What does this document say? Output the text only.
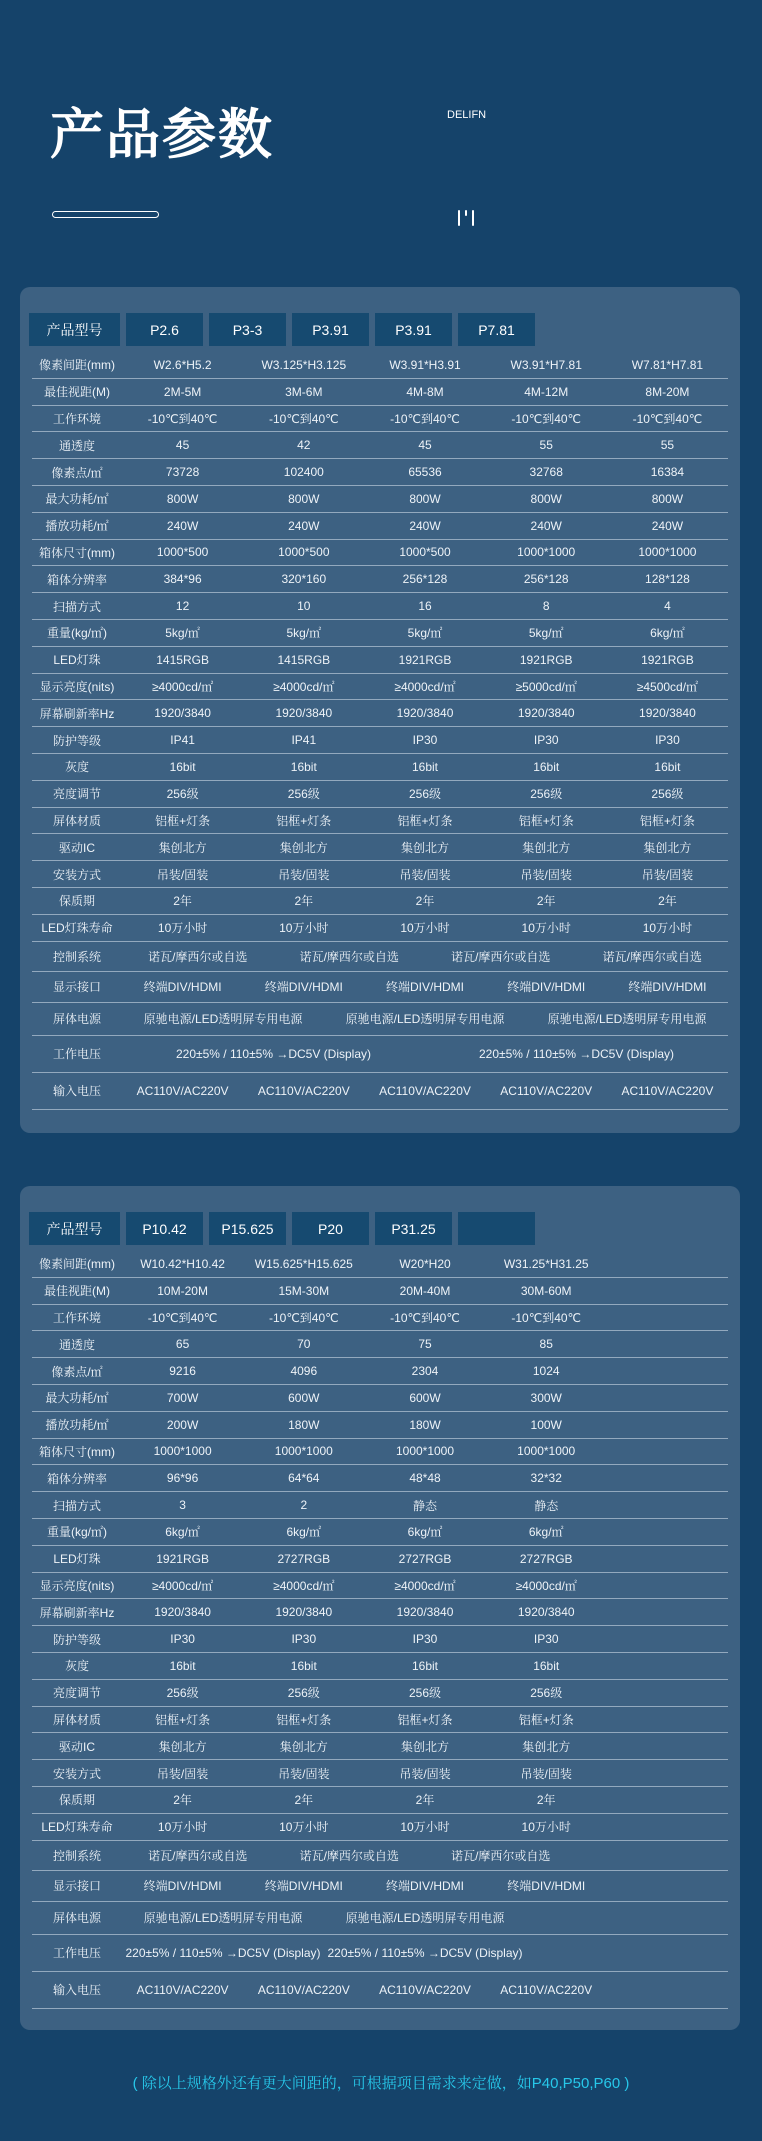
产品参数	DELIFN
产品型号	P2.6	P3-3	P3.91	P3.91	P7.81
像素间距(mm)	W2.6*H5.2	W3.125*H3.125	W3.91*H3.91	W3.91*H7.81	W7.81*H7.81
最佳视距(M)	2M-5M	3M-6M	4M-8M	4M-12M	8M-20M
工作环境	-10℃到40℃	-10℃到40℃	-10℃到40℃	-10℃到40℃	-10℃到40℃
通透度	45	42	45	55	55
像素点/㎡	73728	102400	65536	32768	16384
最大功耗/㎡	800W	800W	800W	800W	800W
播放功耗/㎡	240W	240W	240W	240W	240W
箱体尺寸(mm)	1000*500	1000*500	1000*500	1000*1000	1000*1000
箱体分辨率	384*96	320*160	256*128	256*128	128*128
扫描方式	12	10	16	8	4
重量(kg/㎡)	5kg/㎡	5kg/㎡	5kg/㎡	5kg/㎡	6kg/㎡
LED灯珠	1415RGB	1415RGB	1921RGB	1921RGB	1921RGB
显示亮度(nits)	≥4000cd/㎡	≥4000cd/㎡	≥4000cd/㎡	≥5000cd/㎡	≥4500cd/㎡
屏幕刷新率Hz	1920/3840	1920/3840	1920/3840	1920/3840	1920/3840
防护等级	IP41	IP41	IP30	IP30	IP30
灰度	16bit	16bit	16bit	16bit	16bit
亮度调节	256级	256级	256级	256级	256级
屏体材质	铝框+灯条	铝框+灯条	铝框+灯条	铝框+灯条	铝框+灯条
驱动IC	集创北方	集创北方	集创北方	集创北方	集创北方
安装方式	吊装/固装	吊装/固装	吊装/固装	吊装/固装	吊装/固装
保质期	2年	2年	2年	2年	2年
LED灯珠寿命	10万小时	10万小时	10万小时	10万小时	10万小时
控制系统	诺瓦/摩西尔或自选	诺瓦/摩西尔或自选	诺瓦/摩西尔或自选	诺瓦/摩西尔或自选
显示接口	终端DIV/HDMI	终端DIV/HDMI	终端DIV/HDMI	终端DIV/HDMI	终端DIV/HDMI
屏体电源	原驰电源/LED透明屏专用电源	原驰电源/LED透明屏专用电源	原驰电源/LED透明屏专用电源
工作电压	220±5% / 110±5% →DC5V (Display)	220±5% / 110±5% →DC5V (Display)
输入电压	AC110V/AC220V	AC110V/AC220V	AC110V/AC220V	AC110V/AC220V	AC110V/AC220V
产品型号	P10.42	P15.625	P20	P31.25
像素间距(mm)	W10.42*H10.42	W15.625*H15.625	W20*H20	W31.25*H31.25
最佳视距(M)	10M-20M	15M-30M	20M-40M	30M-60M
工作环境	-10℃到40℃	-10℃到40℃	-10℃到40℃	-10℃到40℃
通透度	65	70	75	85
像素点/㎡	9216	4096	2304	1024
最大功耗/㎡	700W	600W	600W	300W
播放功耗/㎡	200W	180W	180W	100W
箱体尺寸(mm)	1000*1000	1000*1000	1000*1000	1000*1000
箱体分辨率	96*96	64*64	48*48	32*32
扫描方式	3	2	静态	静态
重量(kg/㎡)	6kg/㎡	6kg/㎡	6kg/㎡	6kg/㎡
LED灯珠	1921RGB	2727RGB	2727RGB	2727RGB
显示亮度(nits)	≥4000cd/㎡	≥4000cd/㎡	≥4000cd/㎡	≥4000cd/㎡
屏幕刷新率Hz	1920/3840	1920/3840	1920/3840	1920/3840
防护等级	IP30	IP30	IP30	IP30
灰度	16bit	16bit	16bit	16bit
亮度调节	256级	256级	256级	256级
屏体材质	铝框+灯条	铝框+灯条	铝框+灯条	铝框+灯条
驱动IC	集创北方	集创北方	集创北方	集创北方
安装方式	吊装/固装	吊装/固装	吊装/固装	吊装/固装
保质期	2年	2年	2年	2年
LED灯珠寿命	10万小时	10万小时	10万小时	10万小时
控制系统	诺瓦/摩西尔或自选	诺瓦/摩西尔或自选	诺瓦/摩西尔或自选
显示接口	终端DIV/HDMI	终端DIV/HDMI	终端DIV/HDMI	终端DIV/HDMI
屏体电源	原驰电源/LED透明屏专用电源	原驰电源/LED透明屏专用电源
工作电压	220±5% / 110±5% →DC5V (Display) 220±5% / 110±5% →DC5V (Display)
输入电压	AC110V/AC220V	AC110V/AC220V	AC110V/AC220V	AC110V/AC220V
( 除以上规格外还有更大间距的，可根据项目需求来定做，如P40,P50,P60 )
